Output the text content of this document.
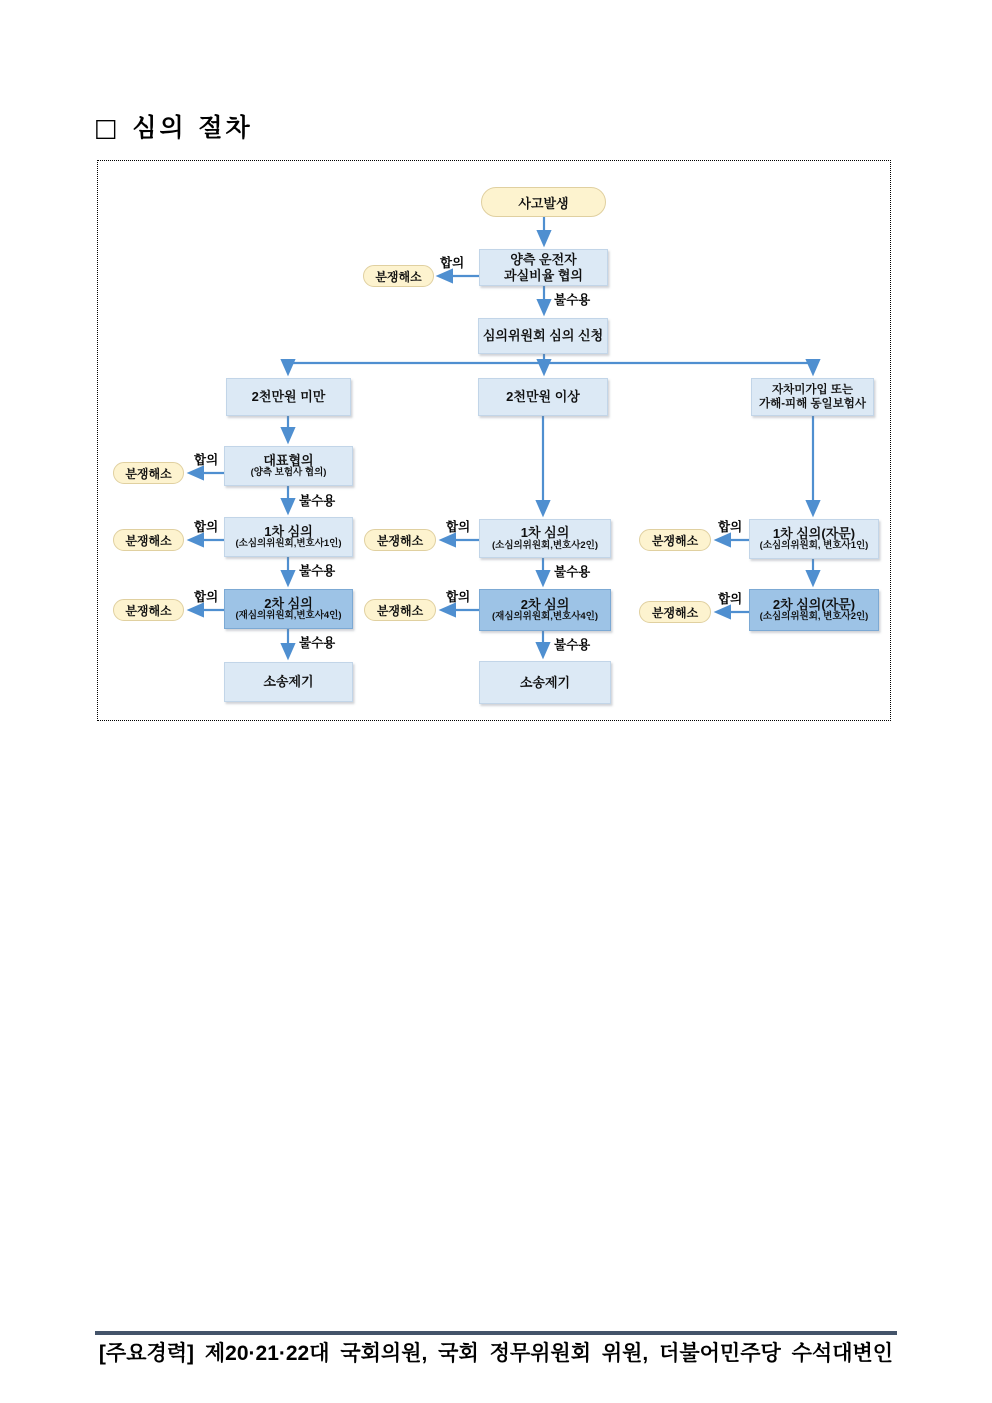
□ 심의 절차
사고발생
양측 운전자
과실비율 협의
분쟁해소
합의
불수용
심의위원회 심의 신청
2천만원 미만	2천만원 이상	자차미가입 또는
가해-피해 동일보험사
대표협의
(양측 보험사 협의)
분쟁해소
합의
불수용
1차 심의
(소심의위원회,변호사1인)
분쟁해소
합의
불수용
2차 심의
(재심의위원회,변호사4인)
분쟁해소
합의
불수용
소송제기
1차 심의
(소심의위원회,변호사2인)
분쟁해소
합의
불수용
2차 심의
(재심의위원회,변호사4인)
분쟁해소
합의
불수용
소송제기
1차 심의(자문)
(소심의위원회, 변호사1인)
분쟁해소
합의
2차 심의(자문)
(소심의위원회, 변호사2인)
분쟁해소
합의
[주요경력] 제20·21·22대 국회의원, 국회 정무위원회 위원, 더불어민주당 수석대변인
